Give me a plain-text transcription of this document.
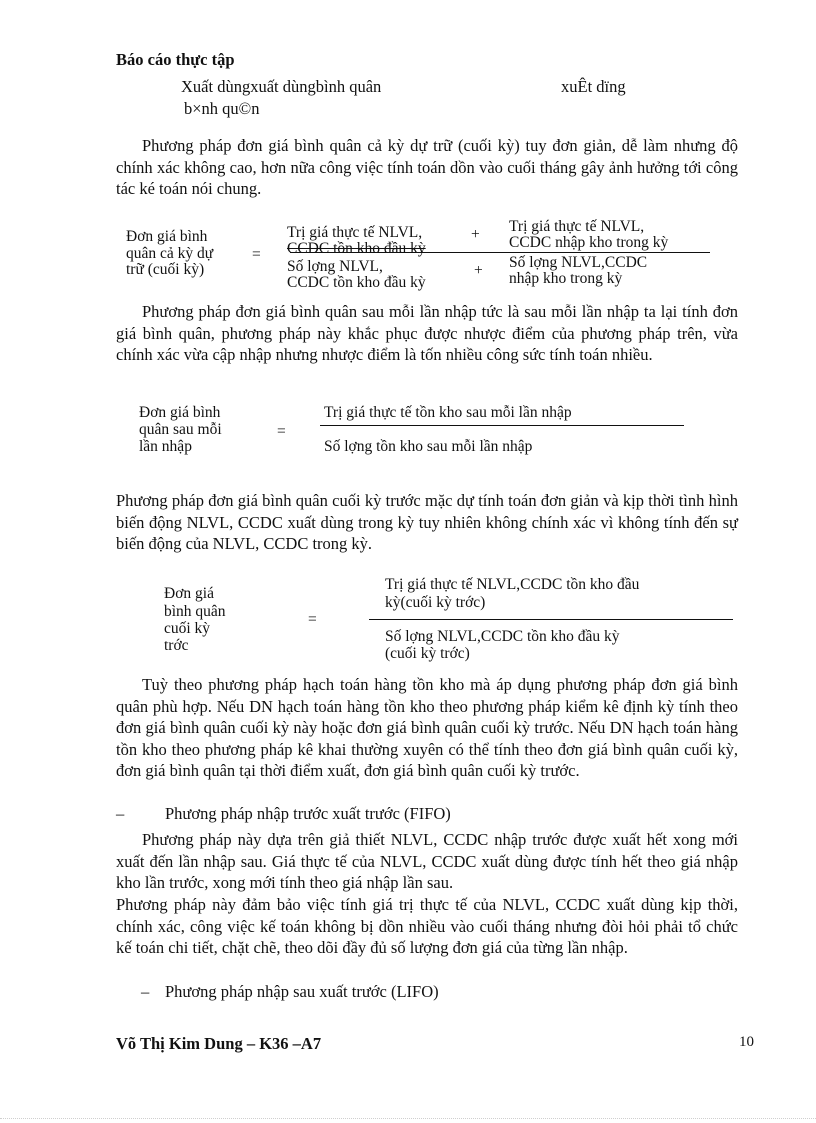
Báo cáo thực tập
Xuất dùngxuất dùngbình quân	xuÊt dïng
b×nh qu©n
Phương pháp đơn giá bình quân cả kỳ dự trữ (cuối kỳ) tuy đơn giản, dễ làm nhưng độ chính xác không cao, hơn nữa công việc tính toán dồn vào cuối tháng gây ảnh hưởng tới công tác ké toán nói chung.
Đơn giá bình
quân cả kỳ dự
trữ (cuối kỳ)
=
Trị giá thực tế NLVL,
CCDC tồn kho đầu kỳ
+ Trị giá thực tế NLVL,
CCDC nhập kho trong kỳ
Số lợng NLVL,
CCDC tồn kho đầu kỳ
+ Số lợng NLVL,CCDC
nhập kho trong kỳ
Phương pháp đơn giá bình quân sau mỗi lần nhập tức là sau mỗi lần nhập ta lại tính đơn giá bình quân, phương pháp này khắc phục được nhược điểm của phương pháp trên, vừa chính xác vừa cập nhập nhưng nhược điểm là tốn nhiều công sức tính toán nhiều.
Đơn giá bình
quân sau mỗi
lần nhập
=
Trị giá thực tế tồn kho sau mỗi lần nhập
Số lợng tồn kho sau mỗi lần nhập
Phương pháp đơn giá bình quân cuối kỳ trước mặc dự tính toán đơn giản và kịp thời tình hình biến động NLVL, CCDC xuất dùng trong kỳ tuy nhiên không chính xác vì không tính đến sự biến động của NLVL, CCDC trong kỳ.
Đơn giá
bình quân
cuối kỳ
trớc
=
Trị giá thực tế NLVL,CCDC tồn kho đầu
kỳ(cuối kỳ trớc)
Số lợng NLVL,CCDC tồn kho đầu kỳ
(cuối kỳ trớc)
Tuỳ theo phương pháp hạch toán hàng tồn kho mà áp dụng phương pháp đơn giá bình quân phù hợp. Nếu DN hạch toán hàng tồn kho theo phương pháp kiểm kê định kỳ tính theo đơn giá bình quân cuối kỳ này hoặc đơn giá bình quân cuối kỳ trước. Nếu DN hạch toán hàng tồn kho theo phương pháp kê khai thường xuyên có thể tính theo đơn giá bình quân cuối kỳ, đơn giá bình quân tại thời điểm xuất, đơn giá bình quân cuối kỳ trước.
– Phương pháp nhập trước xuất trước (FIFO)
Phương pháp này dựa trên giả thiết NLVL, CCDC nhập trước được xuất hết xong mới xuất đến lần nhập sau. Giá thực tế của NLVL, CCDC xuất dùng được tính hết theo giá nhập kho lần trước, xong mới tính theo giá nhập lần sau.
Phương pháp này đảm bảo việc tính giá trị thực tế của NLVL, CCDC xuất dùng kịp thời, chính xác, công việc kế toán không bị dồn nhiều vào cuối tháng nhưng đòi hỏi phải tổ chức kế toán chi tiết, chặt chẽ, theo dõi đầy đủ số lượng đơn giá của từng lần nhập.
– Phương pháp nhập sau xuất trước (LIFO)
Võ Thị Kim Dung – K36 –A7	10
